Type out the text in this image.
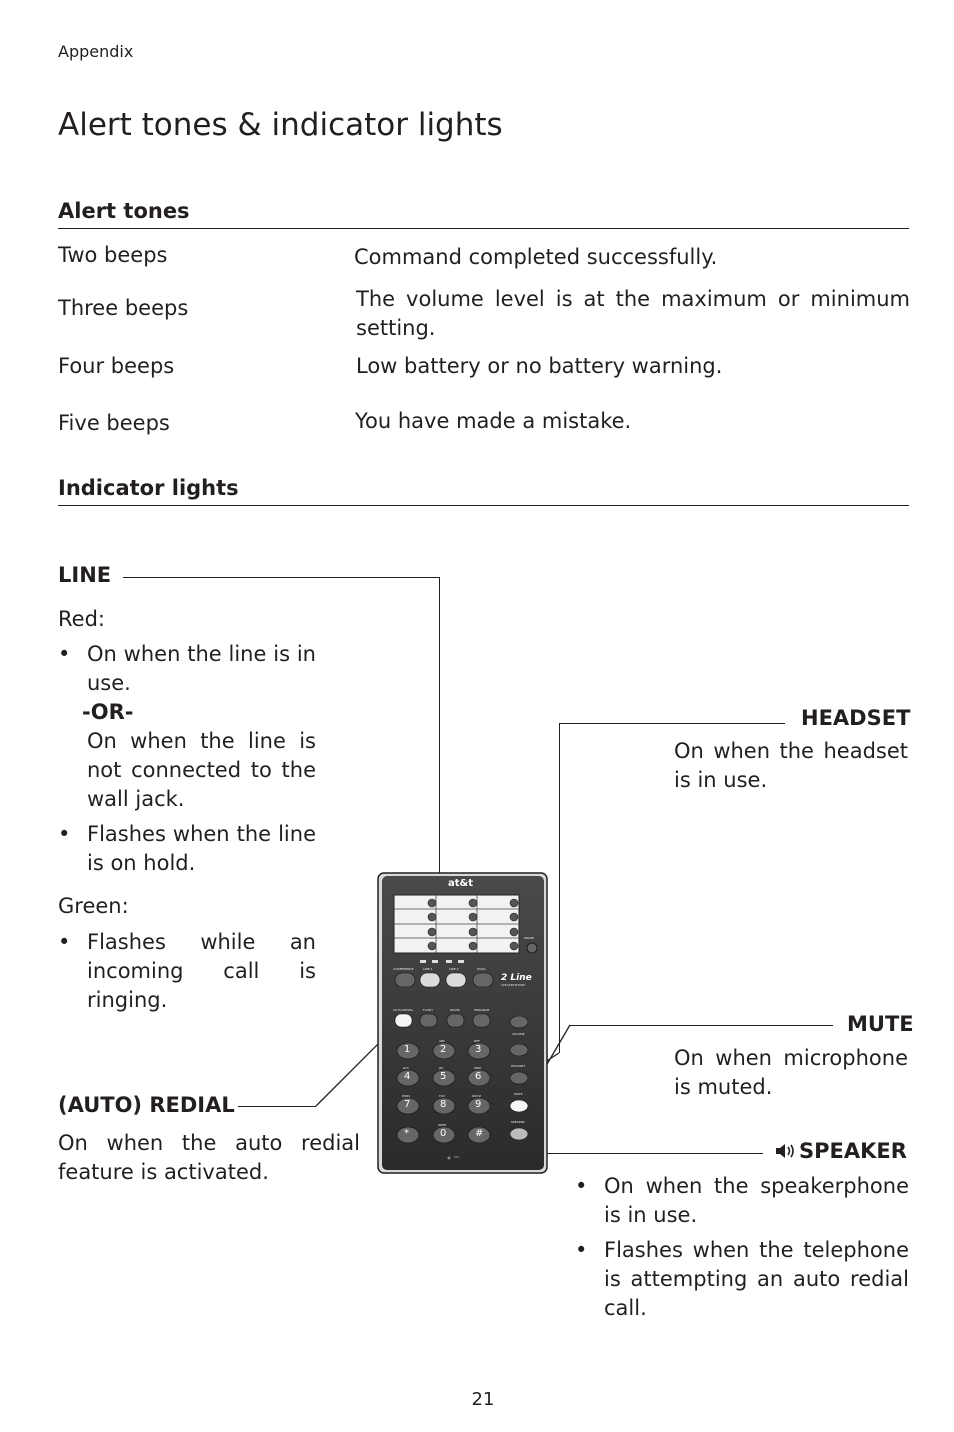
Appendix
Alert tones & indicator lights
Alert tones
Two beeps	Command completed successfully.
Three beeps	The volume level is at the maximum or minimum setting.
Four beeps	Low battery or no battery warning.
Five beeps	You have made a mistake.
Indicator lights
LINE
Red:
• On when the line is in use.
-OR-
On when the line is not connected to the wall jack.
• Flashes when the line is on hold.
Green:
• Flashes while an incoming call is ringing.
(AUTO) REDIAL
On when the auto redial feature is activated.
HEADSET
On when the headset is in use.
MUTE
On when microphone is muted.
SPEAKER
• On when the speakerphone is in use.
• Flashes when the telephone is attempting an auto redial call.
at&t
2 Line
SPEAKERPHONE
ERASE
CONFERENCE	LINE 1	LINE 2	HOLD
AUTO REDIAL	FLASH	PAUSE	PROGRAM
VOLUME
HEADSET
MUTE
SPEAKER
1	2	3
4	5	6
7	8	9
*	0	#
ABC	DEF
GHI	JKL	MNO
PQRS	TUV	WXYZ
OPER
MIC
21
